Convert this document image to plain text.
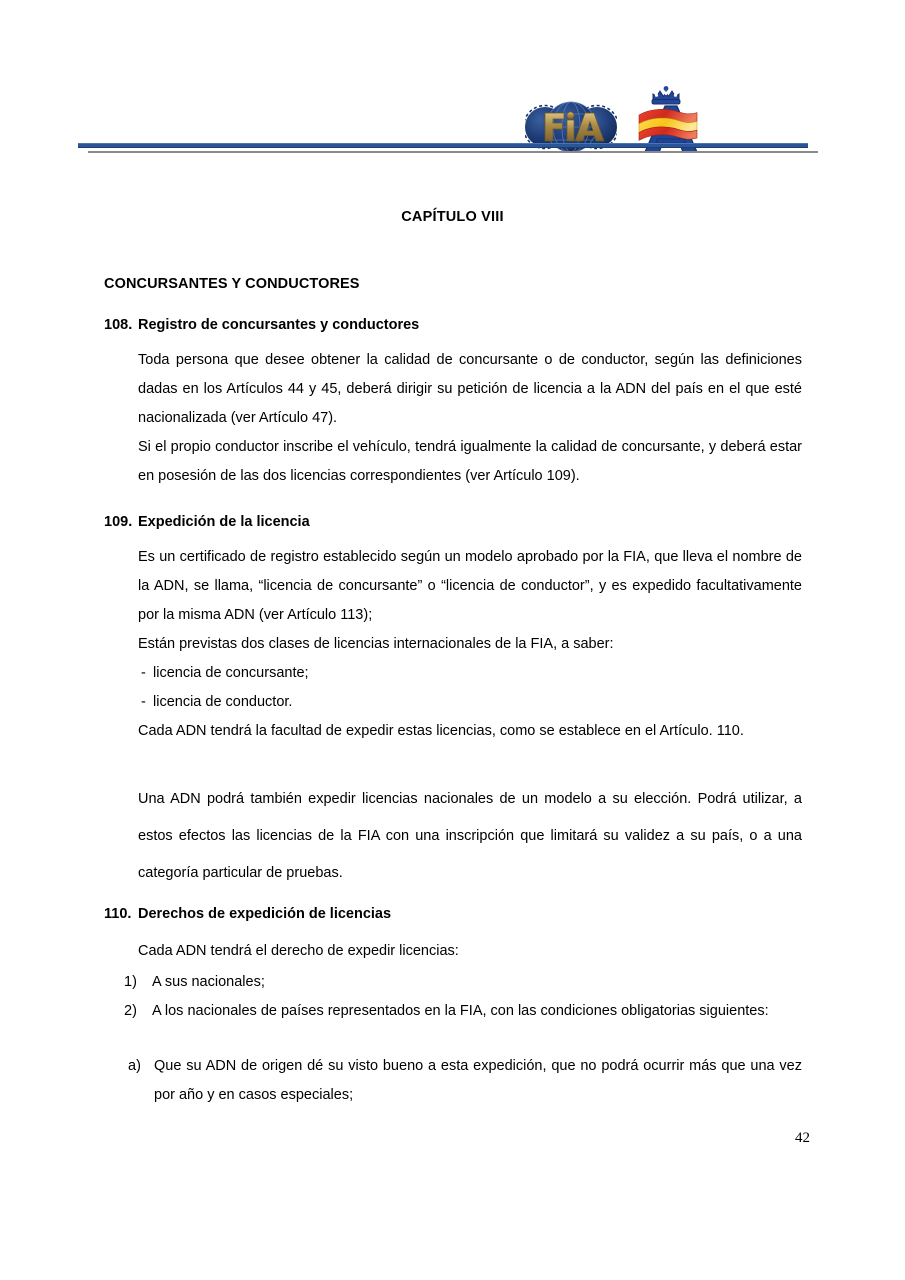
CAPÍTULO VIII
CONCURSANTES Y CONDUCTORES
108. Registro de concursantes y conductores
Toda persona que desee obtener la calidad de concursante o de conductor, según las definiciones dadas en los Artículos 44 y 45, deberá dirigir su petición de licencia a la ADN del país en el que esté nacionalizada (ver Artículo 47).
Si el propio conductor inscribe el vehículo, tendrá igualmente la calidad de concursante, y deberá estar en posesión de las dos licencias correspondientes (ver Artículo 109).
109. Expedición de la licencia
Es un certificado de registro establecido según un modelo aprobado por la FIA, que lleva el nombre de la ADN, se llama, “licencia de concursante” o “licencia de conductor”, y es expedido facultativamente por la misma ADN (ver Artículo 113);
Están previstas dos clases de licencias internacionales de la FIA, a saber:
- licencia de concursante;
- licencia de conductor.
Cada ADN tendrá la facultad de expedir estas licencias, como se establece en el Artículo. 110.
Una ADN podrá también expedir licencias nacionales de un modelo a su elección. Podrá utilizar, a estos efectos las licencias de la FIA con una inscripción que limitará su validez a su país, o a una categoría particular de pruebas.
110. Derechos de expedición de licencias
Cada ADN tendrá el derecho de expedir licencias:
1)	A sus nacionales;
2)	A los nacionales de países representados en la FIA, con las condiciones obligatorias siguientes:
a) Que su ADN de origen dé su visto bueno a esta expedición, que no podrá ocurrir más que una vez por año y en casos especiales;
42
